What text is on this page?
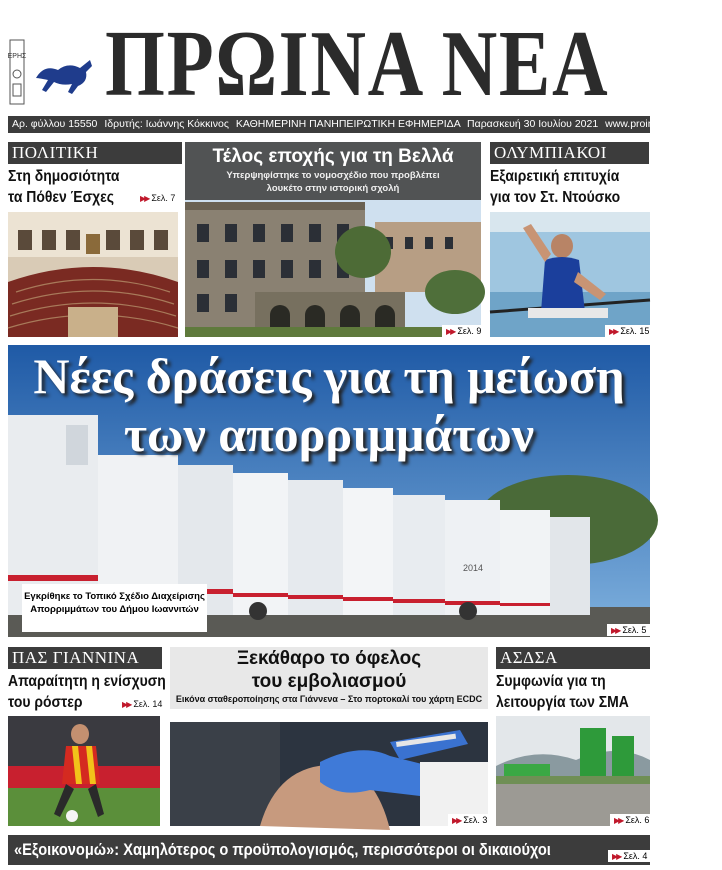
ΕΡΗΣ ΠΡΩΙΝΑ ΝΕΑ
Αρ. φύλλου 15550 Ιδρυτής: Ιωάννης Κόκκινος ΚΑΘΗΜΕΡΙΝΗ ΠΑΝΗΠΕΙΡΩΤΙΚΗ ΕΦΗΜΕΡΙΔΑ Παρασκευή 30 Ιουλίου 2021 www.proinanea.gr €0,50
ΠΟΛΙΤΙΚΗ
Στη δημοσιότητα
τα Πόθεν Έσχες	▶▶ Σελ. 7
Τέλος εποχής για τη Βελλά
Υπερψηφίστηκε το νομοσχέδιο που προβλέπει
λουκέτο στην ιστορική σχολή
▶▶ Σελ. 9
ΟΛΥΜΠΙΑΚΟΙ
Εξαιρετική επιτυχία
για τον Στ. Ντούσκο
▶▶ Σελ. 15
2014
Νέες δράσεις για τη μείωση
των απορριμμάτων
Εγκρίθηκε το Τοπικό Σχέδιο Διαχείρισης
Απορριμμάτων του Δήμου Ιωαννιτών
▶▶ Σελ. 5
ΠΑΣ ΓΙΑΝΝΙΝΑ
Απαραίτητη η ενίσχυση
του ρόστερ	▶▶ Σελ. 14
Ξεκάθαρο το όφελος
του εμβολιασμού
Εικόνα σταθεροποίησης στα Γιάννενα – Στο πορτοκαλί του χάρτη ECDC
▶▶ Σελ. 3
ΑΣΔΣΑ
Συμφωνία για τη
λειτουργία των ΣΜΑ
▶▶ Σελ. 6
«Εξοικονομώ»: Χαμηλότερος ο προϋπολογισμός, περισσότεροι οι δικαιούχοι	▶▶ Σελ. 4
